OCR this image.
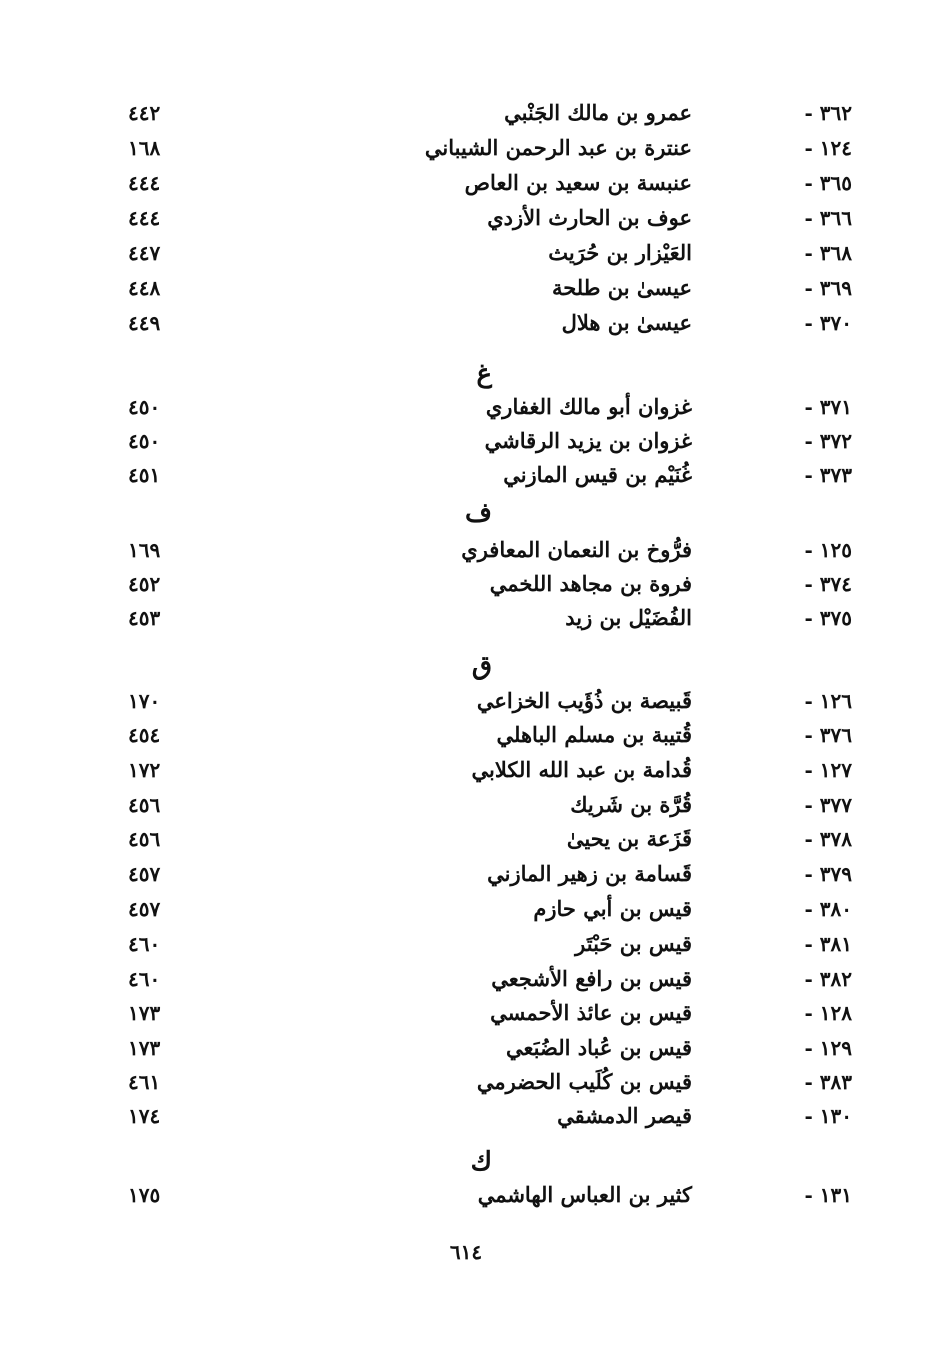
٣٦٢ -
عمرو بن مالك الجَنْبي
٤٤٢
١٢٤ -
عنترة بن عبد الرحمن الشيباني
١٦٨
٣٦٥ -
عنبسة بن سعيد بن العاص
٤٤٤
٣٦٦ -
عوف بن الحارث الأزدي
٤٤٤
٣٦٨ -
العَيْزار بن حُرَيث
٤٤٧
٣٦٩ -
عيسىٰ بن طلحة
٤٤٨
٣٧٠ -
عيسىٰ بن هلال
٤٤٩
غ
٣٧١ -
غزوان أبو مالك الغفاري
٤٥٠
٣٧٢ -
غزوان بن يزيد الرقاشي
٤٥٠
٣٧٣ -
غُنَيْم بن قيس المازني
٤٥١
ف
١٢٥ -
فرُّوخ بن النعمان المعافري
١٦٩
٣٧٤ -
فروة بن مجاهد اللخمي
٤٥٢
٣٧٥ -
الفُضَيْل بن زيد
٤٥٣
ق
١٢٦ -
قَبيصة بن ذُؤَيب الخزاعي
١٧٠
٣٧٦ -
قُتيبة بن مسلم الباهلي
٤٥٤
١٢٧ -
قُدامة بن عبد الله الكلابي
١٧٢
٣٧٧ -
قُرَّة بن شَريك
٤٥٦
٣٧٨ -
قَزَعة بن يحيىٰ
٤٥٦
٣٧٩ -
قَسامة بن زهير المازني
٤٥٧
٣٨٠ -
قيس بن أبي حازم
٤٥٧
٣٨١ -
قيس بن حَبْتَر
٤٦٠
٣٨٢ -
قيس بن رافع الأشجعي
٤٦٠
١٢٨ -
قيس بن عائذ الأحمسي
١٧٣
١٢٩ -
قيس بن عُباد الضُبَعي
١٧٣
٣٨٣ -
قيس بن كُلَيب الحضرمي
٤٦١
١٣٠ -
قيصر الدمشقي
١٧٤
ك
١٣١ -
كثير بن العباس الهاشمي
١٧٥
٦١٤
